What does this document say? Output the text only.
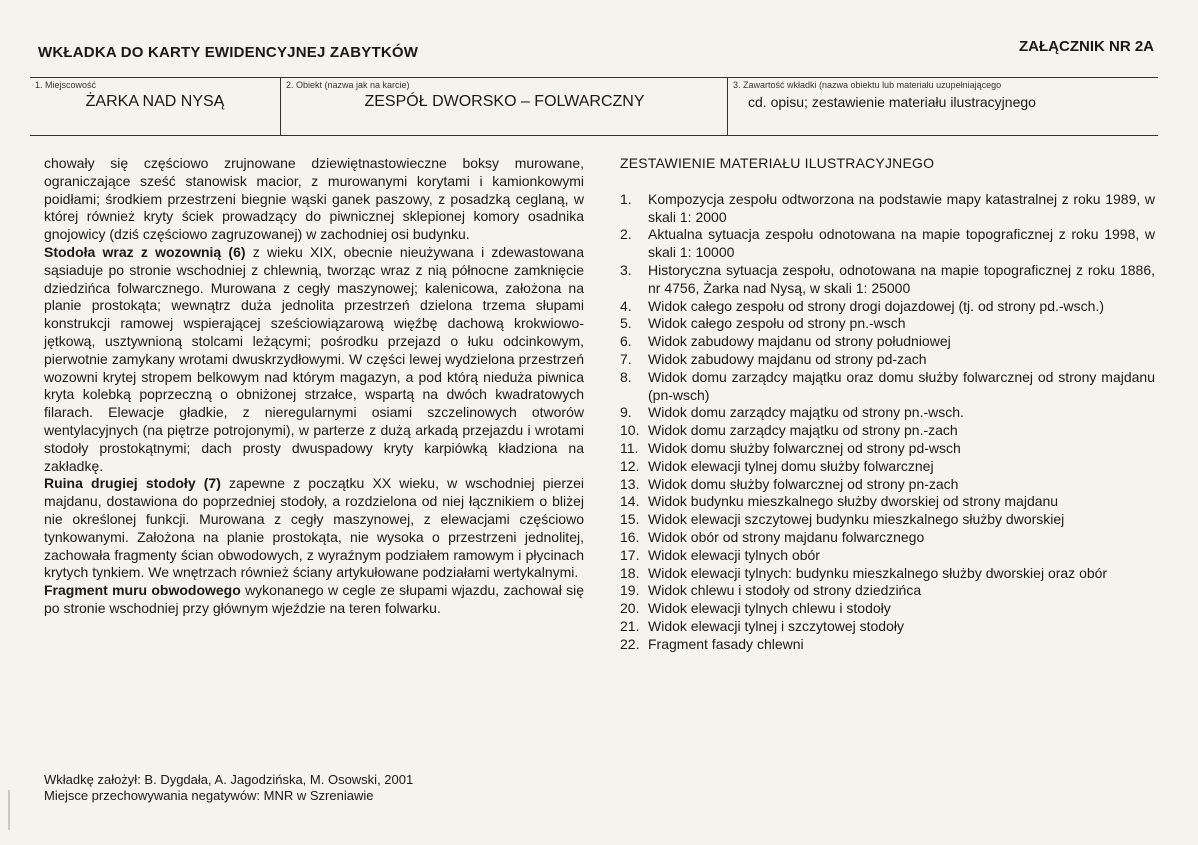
WKŁADKA DO KARTY EWIDENCYJNEJ ZABYTKÓW	ZAŁĄCZNIK NR 2A
1. Miejscowość
ŻARKA NAD NYSĄ
2. Obiekt (nazwa jak na karcie)
ZESPÓŁ DWORSKO – FOLWARCZNY
3. Zawartość wkładki (nazwa obiektu lub materiału uzupełniającego
cd. opisu; zestawienie materiału ilustracyjnego

chowały się częściowo zrujnowane dziewiętnastowieczne boksy murowane, ograniczające sześć stanowisk macior, z murowanymi korytami i kamionkowymi poidłami; środkiem przestrzeni biegnie wąski ganek paszowy, z posadzką ceglaną, w której również kryty ściek prowadzący do piwnicznej sklepionej komory osadnika gnojowicy (dziś częściowo zagruzowanej) w zachodniej osi budynku.

Stodoła wraz z wozownią (6) z wieku XIX, obecnie nieużywana i zdewastowana sąsiaduje po stronie wschodniej z chlewnią, tworząc wraz z nią północne zamknięcie dziedzińca folwarcznego. Murowana z cegły maszynowej; kalenicowa, założona na planie prostokąta; wewnątrz duża jednolita przestrzeń dzielona trzema słupami konstrukcji ramowej wspierającej sześciowiązarową więźbę dachową krokwiowo-jętkową, usztywnioną stolcami leżącymi; pośrodku przejazd o łuku odcinkowym, pierwotnie zamykany wrotami dwuskrzydłowymi. W części lewej wydzielona przestrzeń wozowni krytej stropem belkowym nad którym magazyn, a pod którą nieduża piwnica kryta kolebką poprzeczną o obniżonej strzałce, wspartą na dwóch kwadratowych filarach. Elewacje gładkie, z nieregularnymi osiami szczelinowych otworów wentylacyjnych (na piętrze potrojonymi), w parterze z dużą arkadą przejazdu i wrotami stodoły prostokątnymi; dach prosty dwuspadowy kryty karpiówką kładziona na zakładkę.

Ruina drugiej stodoły (7) zapewne z początku XX wieku, w wschodniej pierzei majdanu, dostawiona do poprzedniej stodoły, a rozdzielona od niej łącznikiem o bliżej nie określonej funkcji. Murowana z cegły maszynowej, z elewacjami częściowo tynkowanymi. Założona na planie prostokąta, nie wysoka o przestrzeni jednolitej, zachowała fragmenty ścian obwodowych, z wyraźnym podziałem ramowym i płycinach krytych tynkiem. We wnętrzach również ściany artykułowane podziałami wertykalnymi.

Fragment muru obwodowego wykonanego w cegle ze słupami wjazdu, zachował się po stronie wschodniej przy głównym wjeździe na teren folwarku.

ZESTAWIENIE MATERIAŁU ILUSTRACYJNEGO
1.	Kompozycja zespołu odtworzona na podstawie mapy katastralnej z roku 1989, w skali 1: 2000
2.	Aktualna sytuacja zespołu odnotowana na mapie topograficznej z roku 1998, w skali 1: 10000
3.	Historyczna sytuacja zespołu, odnotowana na mapie topograficznej z roku 1886, nr 4756, Żarka nad Nysą, w skali 1: 25000
4.	Widok całego zespołu od strony drogi dojazdowej (tj. od strony pd.-wsch.)
5.	Widok całego zespołu od strony pn.-wsch
6.	Widok zabudowy majdanu od strony południowej
7.	Widok zabudowy majdanu od strony pd-zach
8.	Widok domu zarządcy majątku oraz domu służby folwarcznej od strony majdanu (pn-wsch)
9.	Widok domu zarządcy majątku od strony pn.-wsch.
10. Widok domu zarządcy majątku od strony pn.-zach
11. Widok domu służby folwarcznej od strony pd-wsch
12. Widok elewacji tylnej domu służby folwarcznej
13. Widok domu służby folwarcznej od strony pn-zach
14. Widok budynku mieszkalnego służby dworskiej od strony majdanu
15. Widok elewacji szczytowej budynku mieszkalnego służby dworskiej
16. Widok obór od strony majdanu folwarcznego
17. Widok elewacji tylnych obór
18. Widok elewacji tylnych: budynku mieszkalnego służby dworskiej oraz obór
19. Widok chlewu i stodoły od strony dziedzińca
20. Widok elewacji tylnych chlewu i stodoły
21. Widok elewacji tylnej i szczytowej stodoły
22. Fragment fasady chlewni
Wkładkę założył: B. Dygdała, A. Jagodzińska, M. Osowski, 2001
Miejsce przechowywania negatywów: MNR w Szreniawie
